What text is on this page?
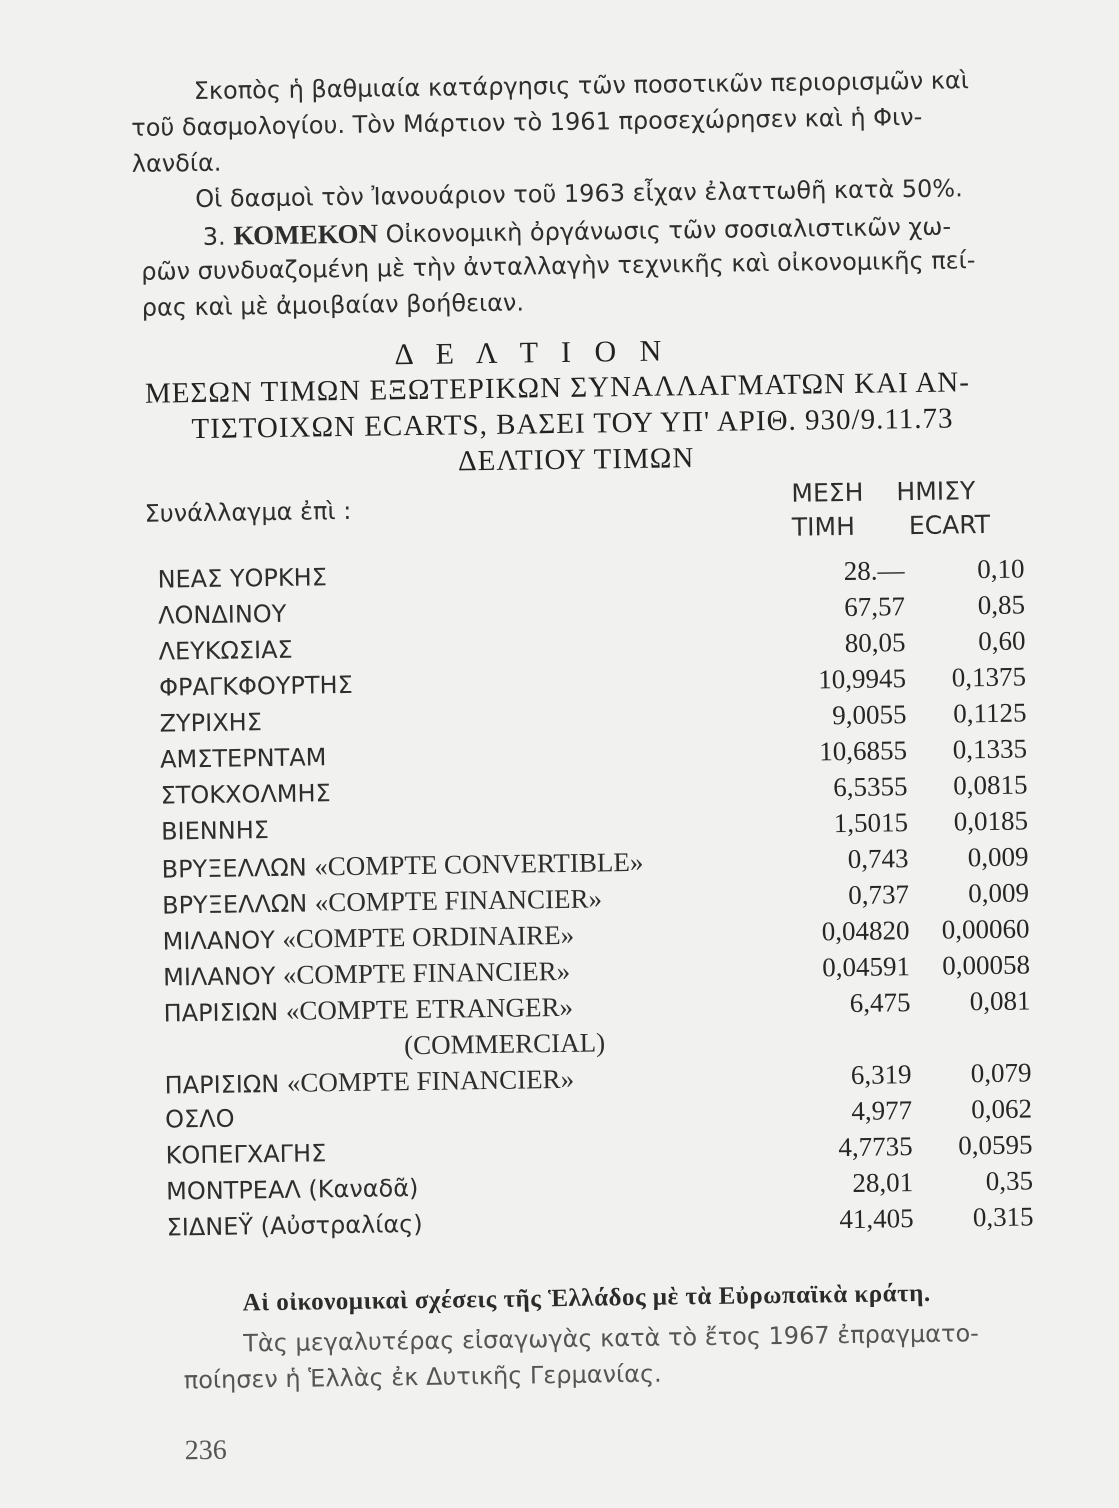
Σκοπὸς ἡ βαθμιαία κατάργησις τῶν ποσοτικῶν περιορισμῶν καὶ
τοῦ δασμολογίου. Τὸν Μάρτιον τὸ 1961 προσεχώρησεν καὶ ἡ Φιν-
λανδία.
Οἱ δασμοὶ τὸν Ἰανουάριον τοῦ 1963 εἶχαν ἐλαττωθῆ κατὰ 50%.
3. ΚΟΜΕΚΟΝ Οἰκονομικὴ ὀργάνωσις τῶν σοσιαλιστικῶν χω-
ρῶν συνδυαζομένη μὲ τὴν ἀνταλλαγὴν τεχνικῆς καὶ οἰκονομικῆς πεί-
ρας καὶ μὲ ἀμοιβαίαν βοήθειαν.
Δ Ε Λ Τ Ι Ο Ν
ΜΕΣΩΝ ΤΙΜΩΝ ΕΞΩΤΕΡΙΚΩΝ ΣΥΝΑΛΛΑΓΜΑΤΩΝ ΚΑΙ ΑΝ-
ΤΙΣΤΟΙΧΩΝ ECARTS, ΒΑΣΕΙ ΤΟΥ ΥΠ' ΑΡΙΘ. 930/9.11.73
ΔΕΛΤΙΟΥ ΤΙΜΩΝ
Συνάλλαγμα ἐπὶ :
ΜΕΣΗ ΗΜΙΣΥ
ΤΙΜΗ ECART
ΝΕΑΣ ΥΟΡΚΗΣ	28.—	0,10
ΛΟΝΔΙΝΟΥ	67,57	0,85
ΛΕΥΚΩΣΙΑΣ	80,05	0,60
ΦΡΑΓΚΦΟΥΡΤΗΣ	10,9945 0,1375
ΖΥΡΙΧΗΣ	9,0055 0,1125
ΑΜΣΤΕΡΝΤΑΜ	10,6855 0,1335
ΣΤΟΚΧΟΛΜΗΣ	6,5355 0,0815
ΒΙΕΝΝΗΣ	1,5015 0,0185
ΒΡΥΞΕΛΛΩΝ «COMPTE CONVERTIBLE»	0,743 0,009
ΒΡΥΞΕΛΛΩΝ «COMPTE FINANCIER»	0,737 0,009
ΜΙΛΑΝΟΥ «COMPTE ORDINAIRE»	0,04820 0,00060
ΜΙΛΑΝΟΥ «COMPTE FINANCIER»	0,04591 0,00058
ΠΑΡΙΣΙΩΝ «COMPTE ETRANGER»	6,475 0,081
(COMMERCIAL)
ΠΑΡΙΣΙΩΝ «COMPTE FINANCIER»	6,319 0,079
ΟΣΛΟ	4,977 0,062
ΚΟΠΕΓΧΑΓΗΣ	4,7735 0,0595
ΜΟΝΤΡΕΑΛ (Καναδᾶ)	28,01	0,35
ΣΙΔΝΕΫ (Αὐστραλίας)	41,405 0,315
Αἱ οἰκονομικαὶ σχέσεις τῆς Ἑλλάδος μὲ τὰ Εὐρωπαϊκὰ κράτη.
Τὰς μεγαλυτέρας εἰσαγωγὰς κατὰ τὸ ἔτος 1967 ἐπραγματο-
ποίησεν ἡ Ἑλλὰς ἐκ Δυτικῆς Γερμανίας.
236
